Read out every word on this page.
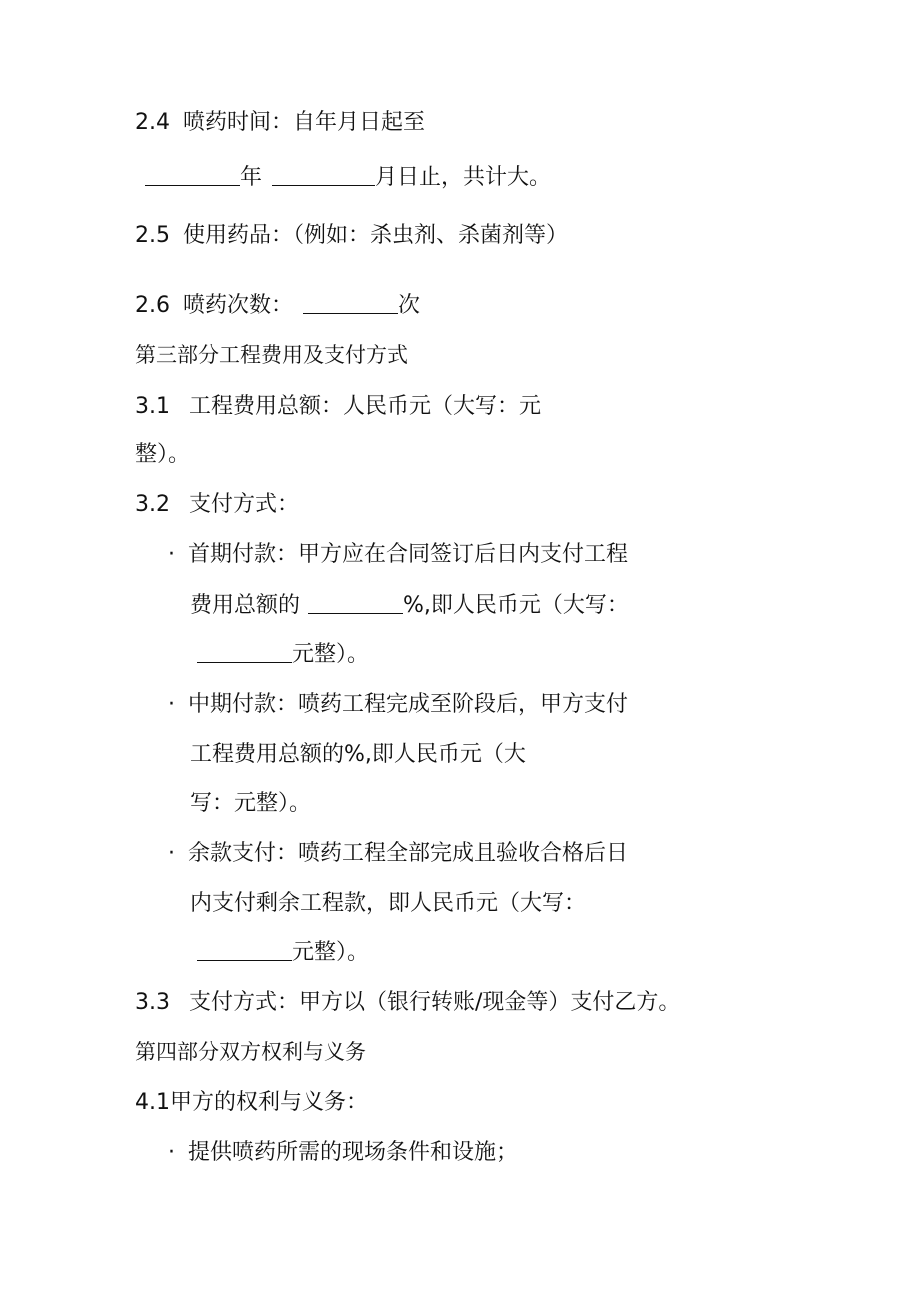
2.4 喷药时间：自年月日起至
年	月日止，共计大。
2.5 使用药品：（例如：杀虫剂、杀菌剂等）
2.6 喷药次数：	次
第三部分工程费用及支付方式
3.1 工程费用总额：人民币元（大写：元
整）。
3.2 支付方式：
· 首期付款：甲方应在合同签订后日内支付工程
费用总额的	%,即人民币元（大写：
元整）。
· 中期付款：喷药工程完成至阶段后，甲方支付
工程费用总额的%,即人民币元（大
写：元整）。
· 余款支付：喷药工程全部完成且验收合格后日
内支付剩余工程款，即人民币元（大写：
元整）。
3.3 支付方式：甲方以（银行转账/现金等）支付乙方。
第四部分双方权利与义务
4.1甲方的权利与义务：
· 提供喷药所需的现场条件和设施；
